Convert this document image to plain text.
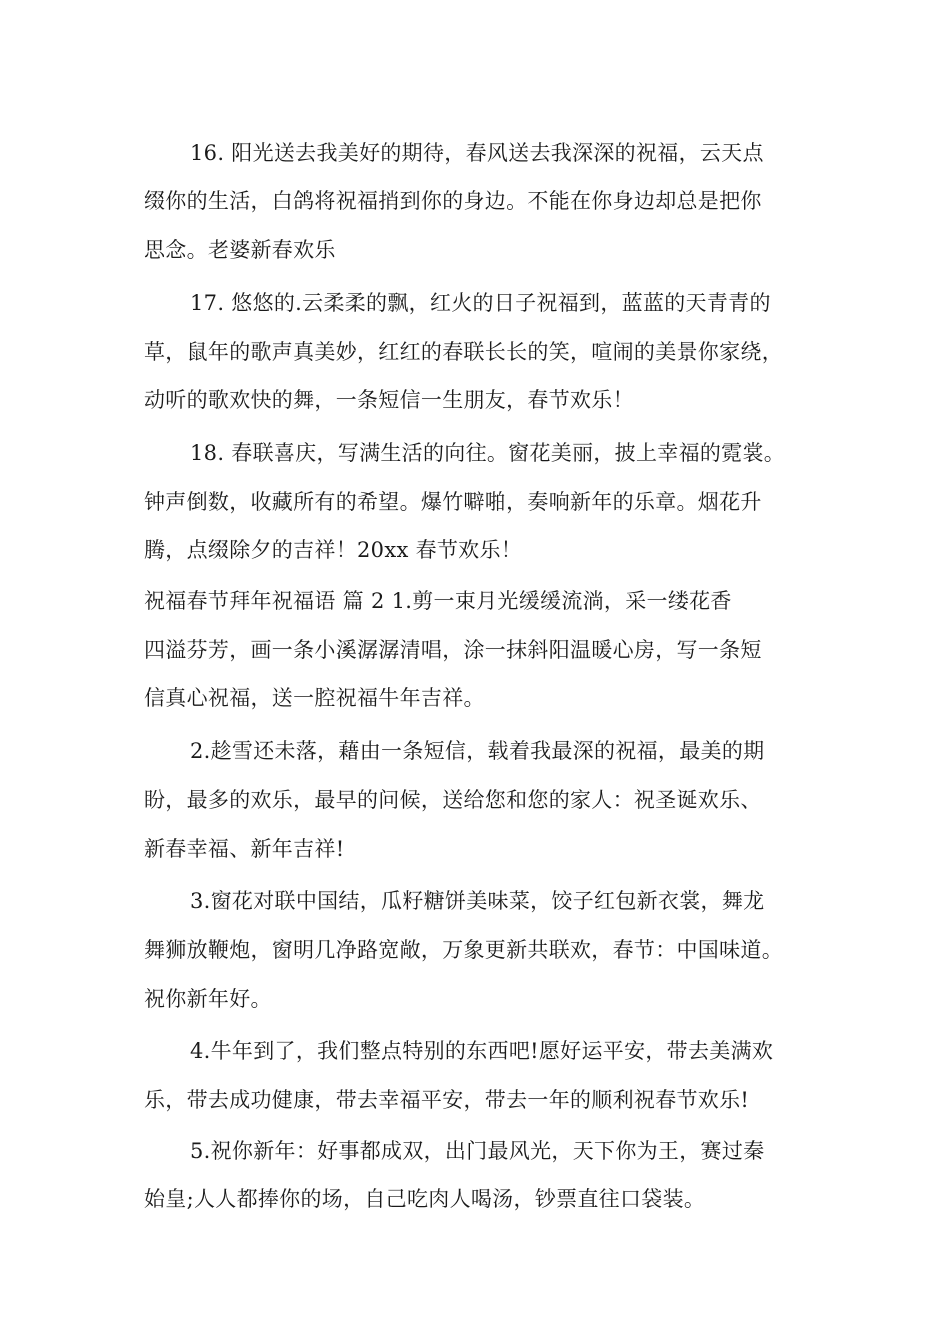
16. 阳光送去我美好的期待，春风送去我深深的祝福，云天点
缀你的生活，白鸽将祝福捎到你的身边。不能在你身边却总是把你
思念。老婆新春欢乐
17. 悠悠的.云柔柔的飘，红火的日子祝福到，蓝蓝的天青青的
草，鼠年的歌声真美妙，红红的春联长长的笑，喧闹的美景你家绕，
动听的歌欢快的舞，一条短信一生朋友，春节欢乐！
18. 春联喜庆，写满生活的向往。窗花美丽，披上幸福的霓裳。
钟声倒数，收藏所有的希望。爆竹噼啪，奏响新年的乐章。烟花升
腾，点缀除夕的吉祥！20xx 春节欢乐！
祝福春节拜年祝福语 篇 2 1.剪一束月光缓缓流淌，采一缕花香
四溢芬芳，画一条小溪潺潺清唱，涂一抹斜阳温暖心房，写一条短
信真心祝福，送一腔祝福牛年吉祥。
2.趁雪还未落，藉由一条短信，载着我最深的祝福，最美的期
盼，最多的欢乐，最早的问候，送给您和您的家人：祝圣诞欢乐、
新春幸福、新年吉祥!
3.窗花对联中国结，瓜籽糖饼美味菜，饺子红包新衣裳，舞龙
舞狮放鞭炮，窗明几净路宽敞，万象更新共联欢，春节：中国味道。
祝你新年好。
4.牛年到了，我们整点特别的东西吧!愿好运平安，带去美满欢
乐，带去成功健康，带去幸福平安，带去一年的顺利祝春节欢乐!
5.祝你新年：好事都成双，出门最风光，天下你为王，赛过秦
始皇;人人都捧你的场，自己吃肉人喝汤，钞票直往口袋装。
